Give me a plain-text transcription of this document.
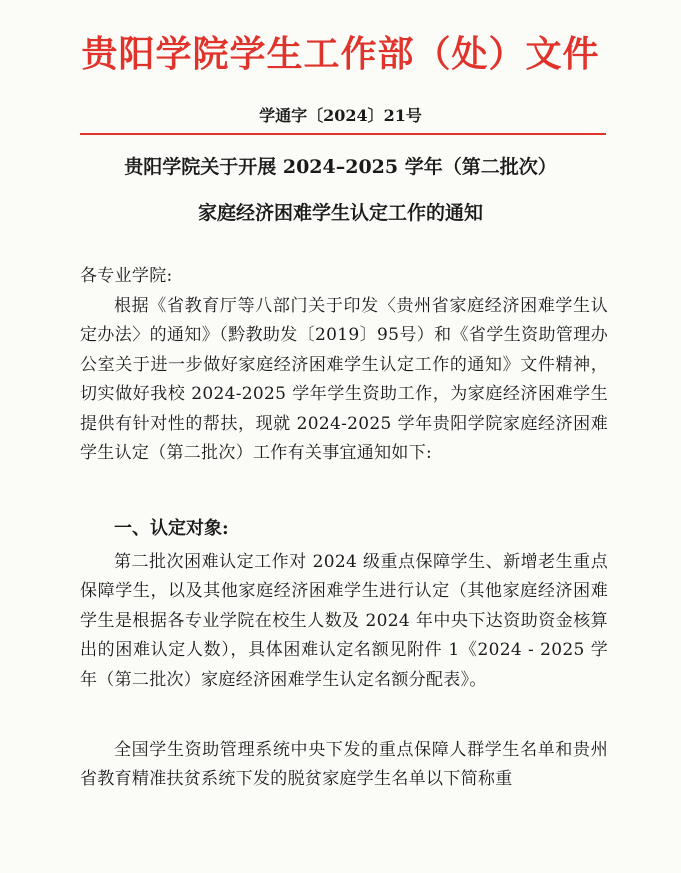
贵阳学院学生工作部（处）文件
学通字〔2024〕21号
贵阳学院关于开展 2024–2025 学年（第二批次）
家庭经济困难学生认定工作的通知
各专业学院:
根据《省教育厅等八部门关于印发〈贵州省家庭经济困难学生认定办法〉的通知》（黔教助发〔2019〕95号）和《省学生资助管理办公室关于进一步做好家庭经济困难学生认定工作的通知》文件精神，切实做好我校 2024-2025 学年学生资助工作，为家庭经济困难学生提供有针对性的帮扶，现就 2024-2025 学年贵阳学院家庭经济困难学生认定（第二批次）工作有关事宜通知如下:
一、认定对象:
第二批次困难认定工作对 2024 级重点保障学生、新增老生重点保障学生，以及其他家庭经济困难学生进行认定（其他家庭经济困难学生是根据各专业学院在校生人数及 2024 年中央下达资助资金核算出的困难认定人数），具体困难认定名额见附件 1《2024 - 2025 学年（第二批次）家庭经济困难学生认定名额分配表》。
全国学生资助管理系统中央下发的重点保障人群学生名单和贵州省教育精准扶贫系统下发的脱贫家庭学生名单以下简称重
